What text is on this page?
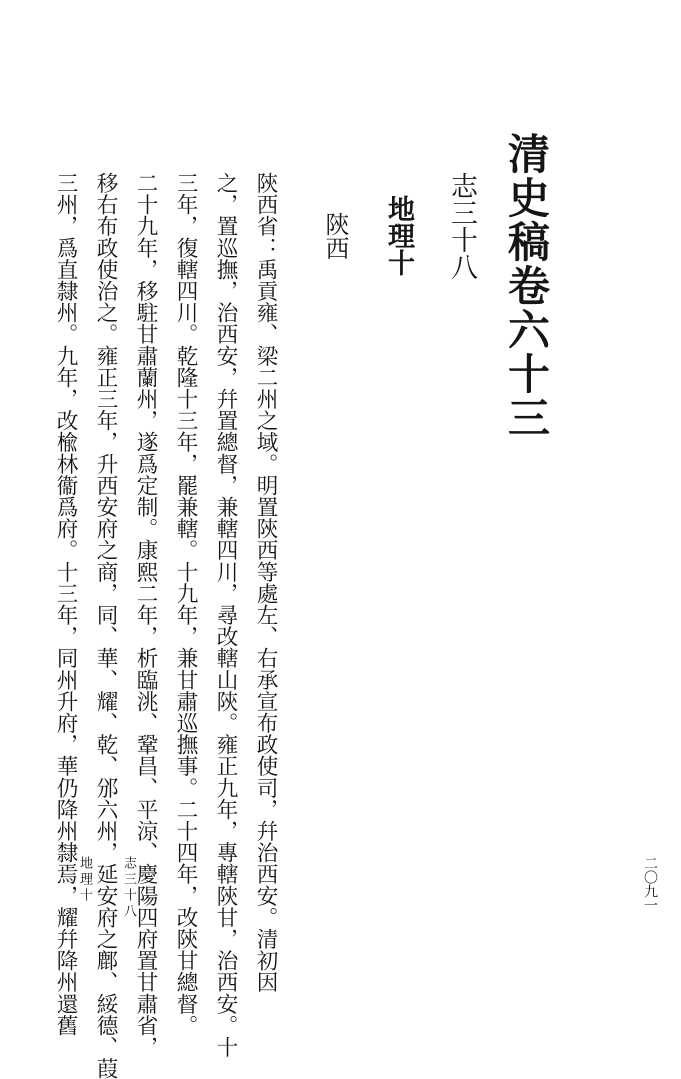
清史稿卷六十三
志三十八
地理十
陝西
陝西省：禹貢雍、梁二州之域。明置陝西等處左、右承宣布政使司，幷治西安。清初因
之，置巡撫，治西安，幷置總督，兼轄四川，尋改轄山陝。雍正九年，專轄陝甘，治西安。十
三年，復轄四川。乾隆十三年，罷兼轄。十九年，兼甘肅巡撫事。二十四年，改陝甘總督。
二十九年，移駐甘肅蘭州，遂爲定制。康熙二年，析臨洮、鞏昌、平涼、慶陽四府置甘肅省，
移右布政使治之。雍正三年，升西安府之商，同、華、耀、乾、邠六州，延安府之鄜、綏德、葭
三州，爲直隸州。九年，改楡林衞爲府。十三年，同州升府，華仍降州隸焉，耀幷降州還舊	志三十八
地理十	二〇九一
